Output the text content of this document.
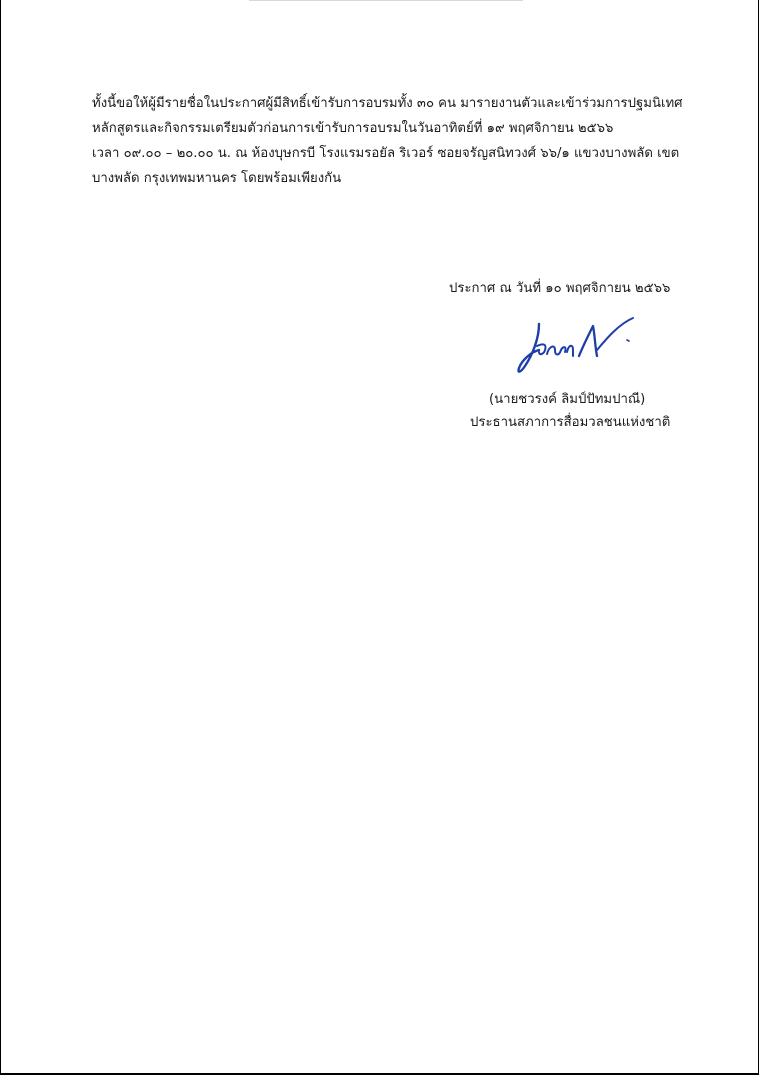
ทั้งนี้ขอให้ผู้มีรายชื่อในประกาศผู้มีสิทธิ์เข้ารับการอบรมทั้ง ๓๐ คน มารายงานตัวและเข้าร่วมการปฐมนิเทศ
หลักสูตรและกิจกรรมเตรียมตัวก่อนการเข้ารับการอบรมในวันอาทิตย์ที่ ๑๙ พฤศจิกายน ๒๕๖๖
เวลา ๐๙.๐๐ – ๒๐.๐๐ น. ณ ห้องบุษกรบี โรงแรมรอยัล ริเวอร์ ซอยจรัญสนิทวงศ์ ๖๖/๑ แขวงบางพลัด เขต
บางพลัด กรุงเทพมหานคร โดยพร้อมเพียงกัน

ประกาศ ณ วันที่ ๑๐ พฤศจิกายน ๒๕๖๖
(นายชวรงค์ ลิมป์ปัทมปาณี)
ประธานสภาการสื่อมวลชนแห่งชาติ
